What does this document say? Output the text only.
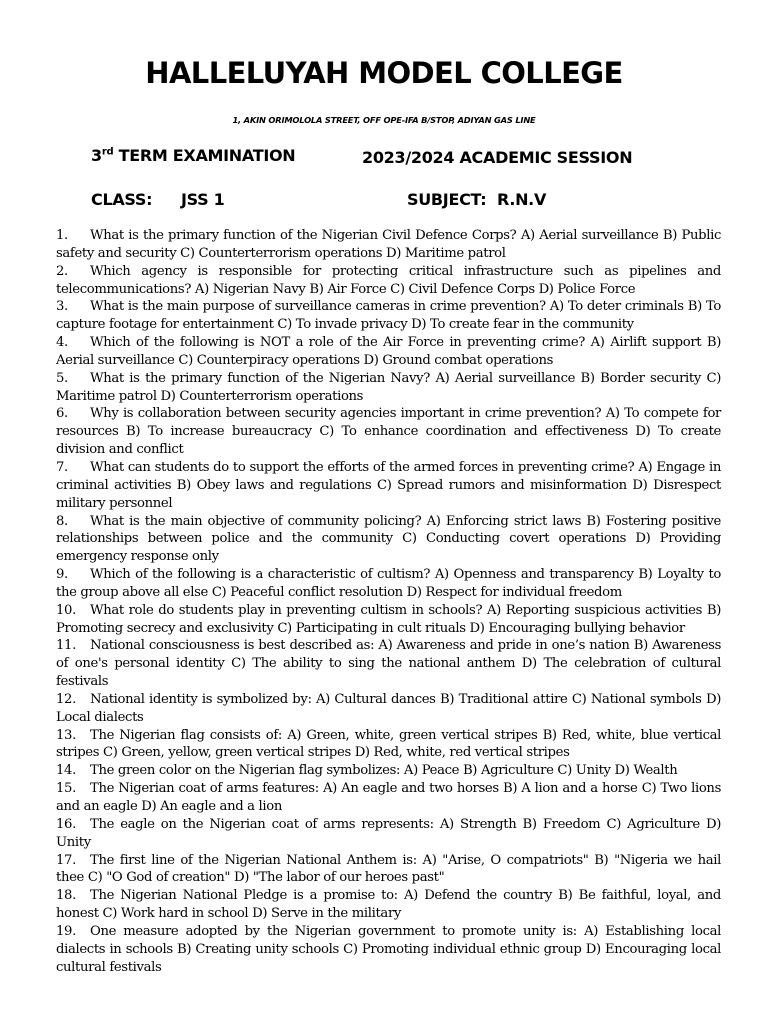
HALLELUYAH MODEL COLLEGE
1, AKIN ORIMOLOLA STREET, OFF OPE-IFA B/STOP, ADIYAN GAS LINE
3rd TERM EXAMINATION	2023/2024 ACADEMIC SESSION
CLASS: JSS 1	SUBJECT: R.N.V

1. What is the primary function of the Nigerian Civil Defence Corps? A) Aerial surveillance B) Public safety and security C) Counterterrorism operations D) Maritime patrol

2. Which agency is responsible for protecting critical infrastructure such as pipelines and telecommunications? A) Nigerian Navy B) Air Force C) Civil Defence Corps D) Police Force

3. What is the main purpose of surveillance cameras in crime prevention? A) To deter criminals B) To capture footage for entertainment C) To invade privacy D) To create fear in the community

4. Which of the following is NOT a role of the Air Force in preventing crime? A) Airlift support B) Aerial surveillance C) Counterpiracy operations D) Ground combat operations

5. What is the primary function of the Nigerian Navy? A) Aerial surveillance B) Border security C) Maritime patrol D) Counterterrorism operations

6. Why is collaboration between security agencies important in crime prevention? A) To compete for resources B) To increase bureaucracy C) To enhance coordination and effectiveness D) To create division and conflict

7. What can students do to support the efforts of the armed forces in preventing crime? A) Engage in criminal activities B) Obey laws and regulations C) Spread rumors and misinformation D) Disrespect military personnel

8. What is the main objective of community policing? A) Enforcing strict laws B) Fostering positive relationships between police and the community C) Conducting covert operations D) Providing emergency response only

9. Which of the following is a characteristic of cultism? A) Openness and transparency B) Loyalty to the group above all else C) Peaceful conflict resolution D) Respect for individual freedom

10. What role do students play in preventing cultism in schools? A) Reporting suspicious activities B) Promoting secrecy and exclusivity C) Participating in cult rituals D) Encouraging bullying behavior

11. National consciousness is best described as: A) Awareness and pride in one’s nation B) Awareness of one's personal identity C) The ability to sing the national anthem D) The celebration of cultural festivals

12. National identity is symbolized by: A) Cultural dances B) Traditional attire C) National symbols D) Local dialects

13. The Nigerian flag consists of: A) Green, white, green vertical stripes B) Red, white, blue vertical stripes C) Green, yellow, green vertical stripes D) Red, white, red vertical stripes

14. The green color on the Nigerian flag symbolizes: A) Peace B) Agriculture C) Unity D) Wealth

15. The Nigerian coat of arms features: A) An eagle and two horses B) A lion and a horse C) Two lions and an eagle D) An eagle and a lion

16. The eagle on the Nigerian coat of arms represents: A) Strength B) Freedom C) Agriculture D) Unity

17. The first line of the Nigerian National Anthem is: A) "Arise, O compatriots" B) "Nigeria we hail thee C) "O God of creation" D) "The labor of our heroes past"

18. The Nigerian National Pledge is a promise to: A) Defend the country B) Be faithful, loyal, and honest C) Work hard in school D) Serve in the military

19. One measure adopted by the Nigerian government to promote unity is: A) Establishing local dialects in schools B) Creating unity schools C) Promoting individual ethnic group D) Encouraging local cultural festivals
